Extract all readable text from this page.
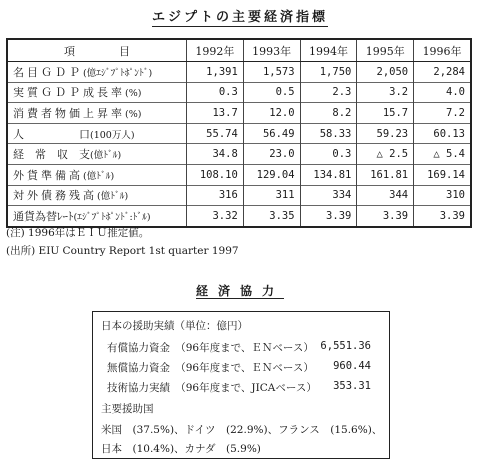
エジプトの主要経済指標
項　　　　目	1992年	1993年	1994年	1995年	1996年
名目ＧＤＰ(億ｴｼﾞﾌﾟﾄﾎﾟﾝﾄﾞ)	1,391	1,573	1,750	2,050	2,284
実質ＧＤＰ成長率(%)	0.3	0.5	2.3	3.2	4.0
消費者物価上昇率(%)	13.7	12.0	8.2	15.7	7.2
人　　　　　口(100万人)	55.74	56.49	58.33	59.23	60.13
経　常　収　支(億ﾄﾞﾙ)	34.8	23.0	0.3	△ 2.5	△ 5.4
外貨準備高(億ﾄﾞﾙ)	108.10	129.04	134.81	161.81	169.14
対外債務残高(億ﾄﾞﾙ)	316	311	334	344	310
通貨為替ﾚｰﾄ(ｴｼﾞﾌﾟﾄﾎﾟﾝﾄﾞ:ﾄﾞﾙ)	3.32	3.35	3.39	3.39	3.39
(注) 1996年はＥＩＵ推定値。
(出所) EIU Country Report 1st quarter 1997
経済協力
日本の援助実績（単位：億円）
有償協力資金　（96年度まで、ＥＮベース） 6,551.36
無償協力資金　（96年度まで、ＥＮベース） 960.44
技術協力実績　（96年度まで、JICAベース） 353.31
主要援助国
米国　(37.5%)、ドイツ　(22.9%)、フランス　(15.6%)、
日本　(10.4%)、カナダ　(5.9%)
